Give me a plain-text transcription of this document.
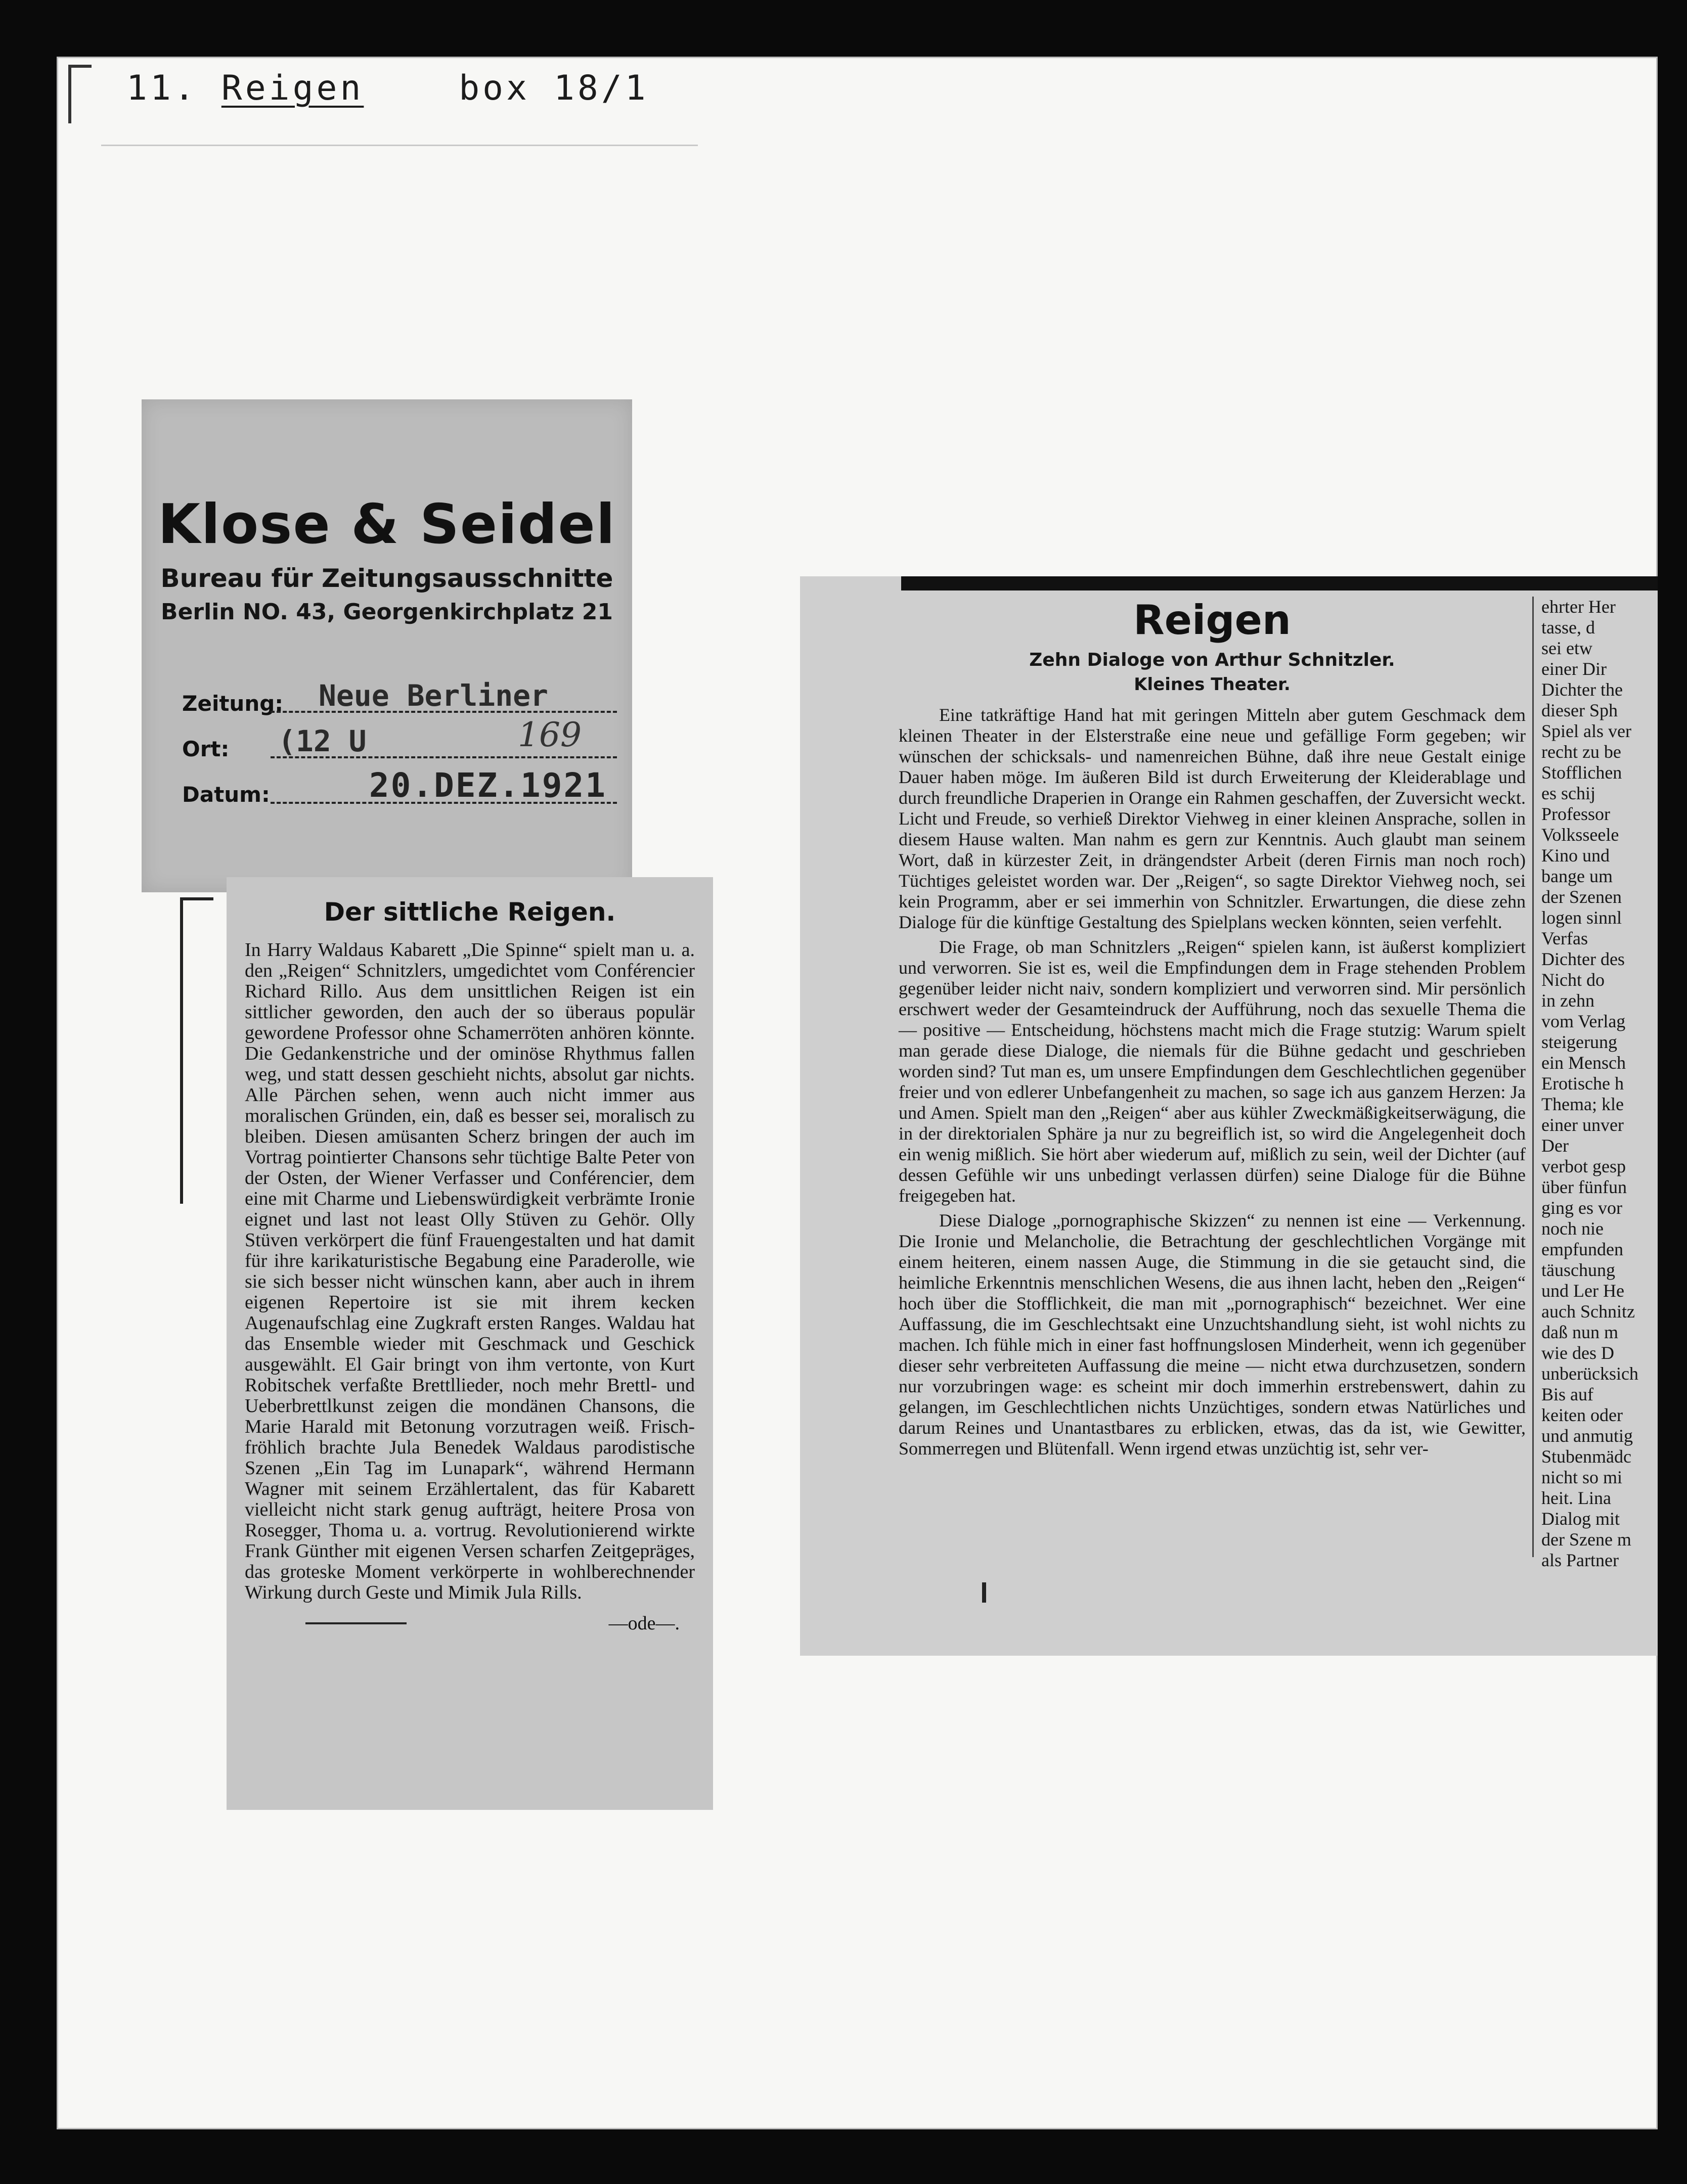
11. Reigen	box 18/1
Klose & Seidel
Bureau für Zeitungsausschnitte
Berlin NO. 43, Georgenkirchplatz 21
Zeitung: Neue Berliner
Ort: (12 U	169
Datum:	20.DEZ.1921
Der sittliche Reigen.
In Harry Waldaus Kabarett „Die Spinne“ spielt man u. a. den „Reigen“ Schnitzlers, umgedichtet vom Conférencier Richard Rillo. Aus dem unsittlichen Reigen ist ein sittlicher geworden, den auch der so überaus populär gewordene Professor ohne Schamerröten anhören könnte. Die Gedankenstriche und der ominöse Rhythmus fallen weg, und statt dessen geschieht nichts, absolut gar nichts. Alle Pärchen sehen, wenn auch nicht immer aus moralischen Gründen, ein, daß es besser sei, moralisch zu bleiben. Diesen amüsanten Scherz bringen der auch im Vortrag pointierter Chansons sehr tüchtige Balte Peter von der Osten, der Wiener Verfasser und Conférencier, dem eine mit Charme und Liebenswürdigkeit verbrämte Ironie eignet und last not least Olly Stüven zu Gehör. Olly Stüven verkörpert die fünf Frauengestalten und hat damit für ihre karikaturistische Begabung eine Paraderolle, wie sie sich besser nicht wünschen kann, aber auch in ihrem eigenen Repertoire ist sie mit ihrem kecken Augenaufschlag eine Zugkraft ersten Ranges. Waldau hat das Ensemble wieder mit Geschmack und Geschick ausgewählt. El Gair bringt von ihm vertonte, von Kurt Robitschek verfaßte Brettllieder, noch mehr Brettl- und Ueberbrettlkunst zeigen die mondänen Chansons, die Marie Harald mit Betonung vorzutragen weiß. Frisch-fröhlich brachte Jula Benedek Waldaus parodistische Szenen „Ein Tag im Lunapark“, während Hermann Wagner mit seinem Erzählertalent, das für Kabarett vielleicht nicht stark genug aufträgt, heitere Prosa von Rosegger, Thoma u. a. vortrug. Revolutionierend wirkte Frank Günther mit eigenen Versen scharfen Zeitgepräges, das groteske Moment verkörperte in wohlberechnender Wirkung durch Geste und Mimik Jula Rills.
—ode—.
Reigen
Zehn Dialoge von Arthur Schnitzler.
Kleines Theater.

Eine tatkräftige Hand hat mit geringen Mitteln aber gutem Geschmack dem kleinen Theater in der Elsterstraße eine neue und gefällige Form gegeben; wir wünschen der schicksals- und namenreichen Bühne, daß ihre neue Gestalt einige Dauer haben möge. Im äußeren Bild ist durch Erweiterung der Kleiderablage und durch freundliche Draperien in Orange ein Rahmen geschaffen, der Zuversicht weckt. Licht und Freude, so verhieß Direktor Viehweg in einer kleinen Ansprache, sollen in diesem Hause walten. Man nahm es gern zur Kenntnis. Auch glaubt man seinem Wort, daß in kürzester Zeit, in drängendster Arbeit (deren Firnis man noch roch) Tüchtiges geleistet worden war. Der „Reigen“, so sagte Direktor Viehweg noch, sei kein Programm, aber er sei immerhin von Schnitzler. Erwartungen, die diese zehn Dialoge für die künftige Gestaltung des Spielplans wecken könnten, seien verfehlt.

Die Frage, ob man Schnitzlers „Reigen“ spielen kann, ist äußerst kompliziert und verworren. Sie ist es, weil die Empfindungen dem in Frage stehenden Problem gegenüber leider nicht naiv, sondern kompliziert und verworren sind. Mir persönlich erschwert weder der Gesamteindruck der Aufführung, noch das sexuelle Thema die — positive — Entscheidung, höchstens macht mich die Frage stutzig: Warum spielt man gerade diese Dialoge, die niemals für die Bühne gedacht und geschrieben worden sind? Tut man es, um unsere Empfindungen dem Geschlechtlichen gegenüber freier und von edlerer Unbefangenheit zu machen, so sage ich aus ganzem Herzen: Ja und Amen. Spielt man den „Reigen“ aber aus kühler Zweckmäßigkeitserwägung, die in der direktorialen Sphäre ja nur zu begreiflich ist, so wird die Angelegenheit doch ein wenig mißlich. Sie hört aber wiederum auf, mißlich zu sein, weil der Dichter (auf dessen Gefühle wir uns unbedingt verlassen dürfen) seine Dialoge für die Bühne freigegeben hat.

Diese Dialoge „pornographische Skizzen“ zu nennen ist eine — Verkennung. Die Ironie und Melancholie, die Betrachtung der geschlechtlichen Vorgänge mit einem heiteren, einem nassen Auge, die Stimmung in die sie getaucht sind, die heimliche Erkenntnis menschlichen Wesens, die aus ihnen lacht, heben den „Reigen“ hoch über die Stofflichkeit, die man mit „pornographisch“ bezeichnet. Wer eine Auffassung, die im Geschlechtsakt eine Unzuchtshandlung sieht, ist wohl nichts zu machen. Ich fühle mich in einer fast hoffnungslosen Minderheit, wenn ich gegenüber dieser sehr verbreiteten Auffassung die meine — nicht etwa durchzusetzen, sondern nur vorzubringen wage: es scheint mir doch immerhin erstrebenswert, dahin zu gelangen, im Geschlechtlichen nichts Unzüchtiges, sondern etwas Natürliches und darum Reines und Unantastbares zu erblicken, etwas, das da ist, wie Gewitter, Sommerregen und Blütenfall. Wenn irgend etwas unzüchtig ist, sehr ver-

ehrter Her
tasse, d
sei etw
einer Dir
Dichter the
dieser Sph
Spiel als ver
recht zu be
Stofflichen
es schij
Professor
Volksseele
Kino und
bange um
der Szenen
logen sinnl
Verfas
Dichter des
Nicht do
in zehn
vom Verlag
steigerung
ein Mensch
Erotische h
Thema; kle
einer unver
Der
verbot gesp
über fünfun
ging es vor
noch nie
empfunden
täuschung
und Ler He
auch Schnitz
daß nun m
wie des D
unberücksich
Bis auf
keiten oder
und anmutig
Stubenmädc
nicht so mi
heit. Lina
Dialog mit
der Szene m
als Partner
